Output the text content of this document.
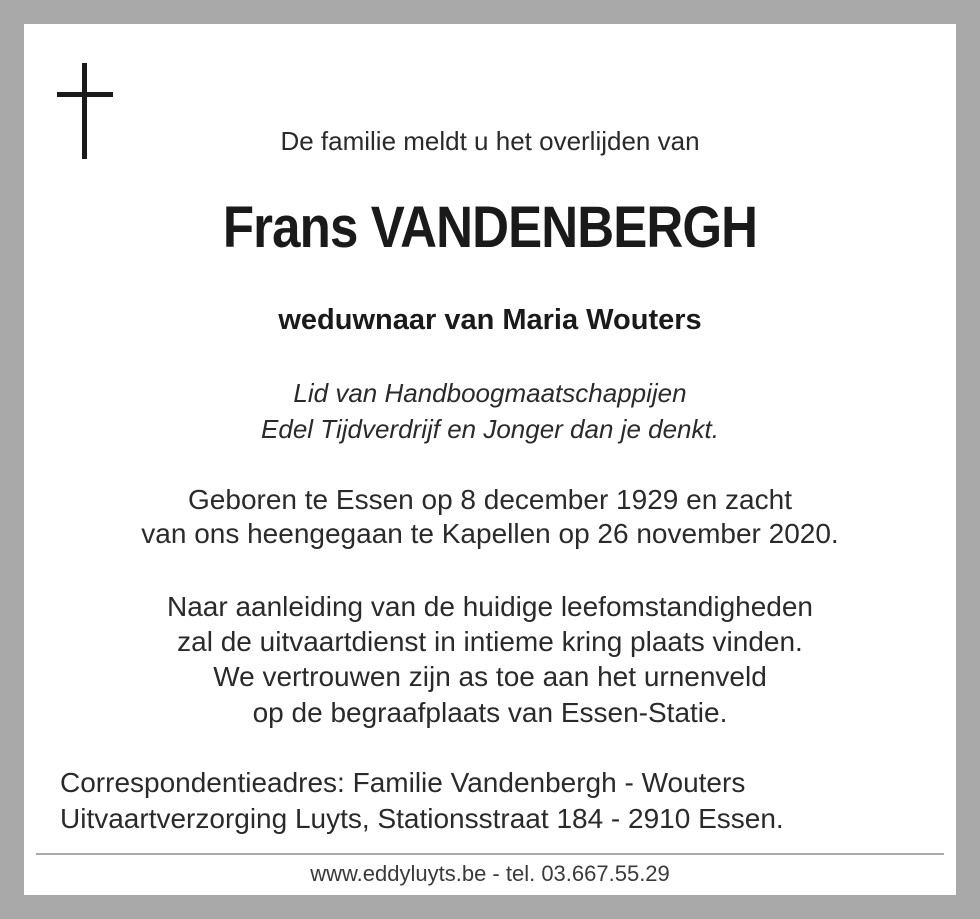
De familie meldt u het overlijden van
Frans VANDENBERGH
weduwnaar van Maria Wouters
Lid van Handboogmaatschappijen
Edel Tijdverdrijf en Jonger dan je denkt.
Geboren te Essen op 8 december 1929 en zacht
van ons heengegaan te Kapellen op 26 november 2020.
Naar aanleiding van de huidige leefomstandigheden
zal de uitvaartdienst in intieme kring plaats vinden.
We vertrouwen zijn as toe aan het urnenveld
op de begraafplaats van Essen-Statie.
Correspondentieadres: Familie Vandenbergh - Wouters
Uitvaartverzorging Luyts, Stationsstraat 184 - 2910 Essen.
www.eddyluyts.be - tel. 03.667.55.29
